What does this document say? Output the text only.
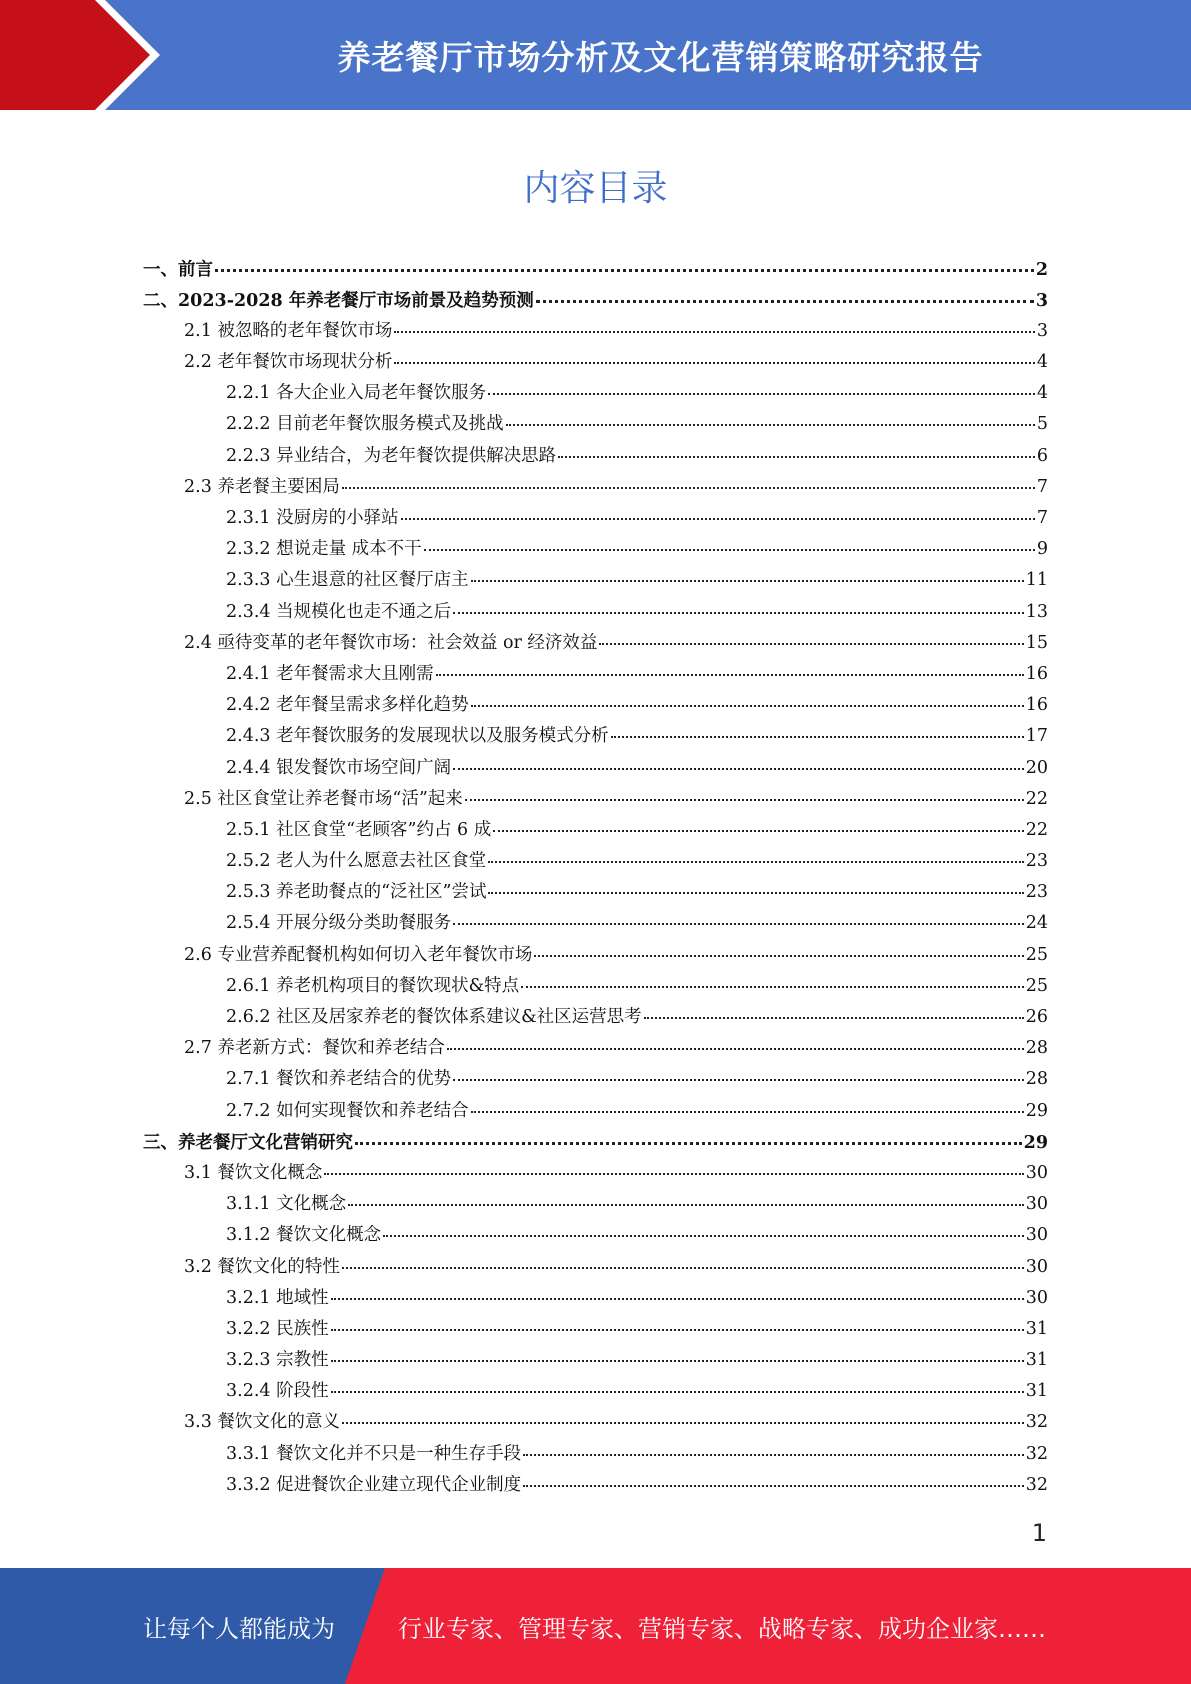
养老餐厅市场分析及文化营销策略研究报告
内容目录
一、前言	2
二、2023-2028 年养老餐厅市场前景及趋势预测	3
2.1 被忽略的老年餐饮市场	3
2.2 老年餐饮市场现状分析	4
2.2.1 各大企业入局老年餐饮服务	4
2.2.2 目前老年餐饮服务模式及挑战	5
2.2.3 异业结合，为老年餐饮提供解决思路	6
2.3 养老餐主要困局	7
2.3.1 没厨房的小驿站	7
2.3.2 想说走量 成本不干	9
2.3.3 心生退意的社区餐厅店主	11
2.3.4 当规模化也走不通之后	13
2.4 亟待变革的老年餐饮市场：社会效益 or 经济效益	15
2.4.1 老年餐需求大且刚需	16
2.4.2 老年餐呈需求多样化趋势	16
2.4.3 老年餐饮服务的发展现状以及服务模式分析	17
2.4.4 银发餐饮市场空间广阔	20
2.5 社区食堂让养老餐市场“活”起来	22
2.5.1 社区食堂“老顾客”约占 6 成	22
2.5.2 老人为什么愿意去社区食堂	23
2.5.3 养老助餐点的“泛社区”尝试	23
2.5.4 开展分级分类助餐服务	24
2.6 专业营养配餐机构如何切入老年餐饮市场	25
2.6.1 养老机构项目的餐饮现状&特点	25
2.6.2 社区及居家养老的餐饮体系建议&社区运营思考	26
2.7 养老新方式：餐饮和养老结合	28
2.7.1 餐饮和养老结合的优势	28
2.7.2 如何实现餐饮和养老结合	29
三、养老餐厅文化营销研究	29
3.1 餐饮文化概念	30
3.1.1 文化概念	30
3.1.2 餐饮文化概念	30
3.2 餐饮文化的特性	30
3.2.1 地域性	30
3.2.2 民族性	31
3.2.3 宗教性	31
3.2.4 阶段性	31
3.3 餐饮文化的意义	32
3.3.1 餐饮文化并不只是一种生存手段	32
3.3.2 促进餐饮企业建立现代企业制度	32
1
让每个人都能成为	行业专家、管理专家、营销专家、战略专家、成功企业家……
